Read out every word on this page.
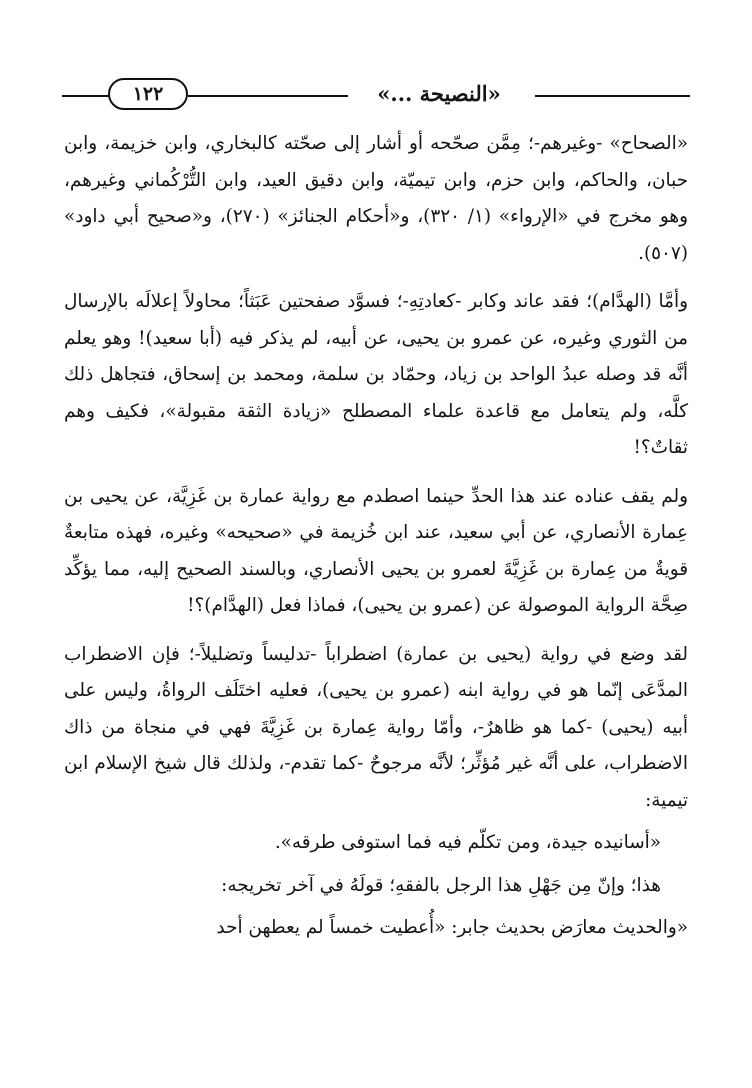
«النصيحة ...»
١٢٢

«الصحاح» -وغيرهم-؛ مِمَّن صحّحه أو أشار إلى صحّته كالبخاري، وابن خزيمة، وابن حبان، والحاكم، وابن حزم، وابن تيميّة، وابن دقيق العيد، وابن التُّرْكُماني وغيرهم، وهو مخرج في «الإرواء» (١/ ٣٢٠)، و«أحكام الجنائز» (٢٧٠)، و«صحيح أبي داود» (٥٠٧).

وأمَّا (الهدَّام)؛ فقد عاند وكابر -كعادتِهِ-؛ فسوَّد صفحتين عَبَثاً؛ محاولاً إعلالَه بالإرسال من الثوري وغيره، عن عمرو بن يحيى، عن أبيه، لم يذكر فيه (أبا سعيد)! وهو يعلم أنَّه قد وصله عبدُ الواحد بن زياد، وحمّاد بن سلمة، ومحمد بن إسحاق، فتجاهل ذلك كلَّه، ولم يتعامل مع قاعدة علماء المصطلح «زيادة الثقة مقبولة»، فكيف وهم ثقاتٌ؟!

ولم يقف عناده عند هذا الحدِّ حينما اصطدم مع رواية عمارة بن غَزِيَّة، عن يحيى بن عِمارة الأنصاري، عن أبي سعيد، عند ابن خُزيمة في «صحيحه» وغيره، فهذه متابعةٌ قويةٌ من عِمارة بن غَزِيَّةَ لعمرو بن يحيى الأنصاري، وبالسند الصحيح إليه، مما يؤكِّد صِحَّة الرواية الموصولة عن (عمرو بن يحيى)، فماذا فعل (الهدَّام)؟!

لقد وضع في رواية (يحيى بن عمارة) اضطراباً -تدليساً وتضليلاً-؛ فإن الاضطراب المدَّعَى إنّما هو في رواية ابنه (عمرو بن يحيى)، فعليه اختَلَف الرواةُ، وليس على أبيه (يحيى) -كما هو ظاهرٌ-، وأمّا رواية عِمارة بن غَزِيَّةَ فهي في منجاة من ذاك الاضطراب، على أنَّه غير مُؤثِّر؛ لأنَّه مرجوحٌ -كما تقدم-، ولذلك قال شيخ الإسلام ابن تيمية:

«أسانيده جيدة، ومن تكلّم فيه فما استوفى طرقه».

هذا؛ وإنّ مِن جَهْلِ هذا الرجل بالفقهِ؛ قولَهُ في آخر تخريجه:

«والحديث معارَض بحديث جابر: «أُعطيت خمساً لم يعطهن أحد
